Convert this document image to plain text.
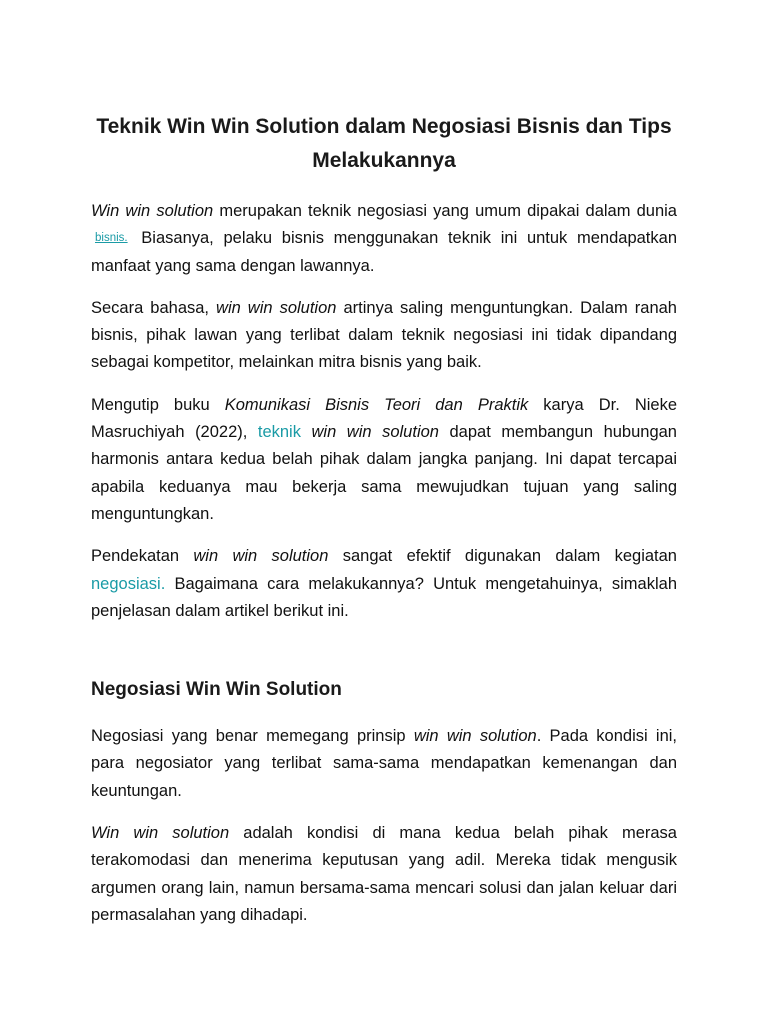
Teknik Win Win Solution dalam Negosiasi Bisnis dan Tips Melakukannya

Win win solution merupakan teknik negosiasi yang umum dipakai dalam dunia bisnis. Biasanya, pelaku bisnis menggunakan teknik ini untuk mendapatkan manfaat yang sama dengan lawannya.

Secara bahasa, win win solution artinya saling menguntungkan. Dalam ranah bisnis, pihak lawan yang terlibat dalam teknik negosiasi ini tidak dipandang sebagai kompetitor, melainkan mitra bisnis yang baik.

Mengutip buku Komunikasi Bisnis Teori dan Praktik karya Dr. Nieke Masruchiyah (2022), teknik win win solution dapat membangun hubungan harmonis antara kedua belah pihak dalam jangka panjang. Ini dapat tercapai apabila keduanya mau bekerja sama mewujudkan tujuan yang saling menguntungkan.

Pendekatan win win solution sangat efektif digunakan dalam kegiatan negosiasi. Bagaimana cara melakukannya? Untuk mengetahuinya, simaklah penjelasan dalam artikel berikut ini.

Negosiasi Win Win Solution

Negosiasi yang benar memegang prinsip win win solution. Pada kondisi ini, para negosiator yang terlibat sama-sama mendapatkan kemenangan dan keuntungan.

Win win solution adalah kondisi di mana kedua belah pihak merasa terakomodasi dan menerima keputusan yang adil. Mereka tidak mengusik argumen orang lain, namun bersama-sama mencari solusi dan jalan keluar dari permasalahan yang dihadapi.
